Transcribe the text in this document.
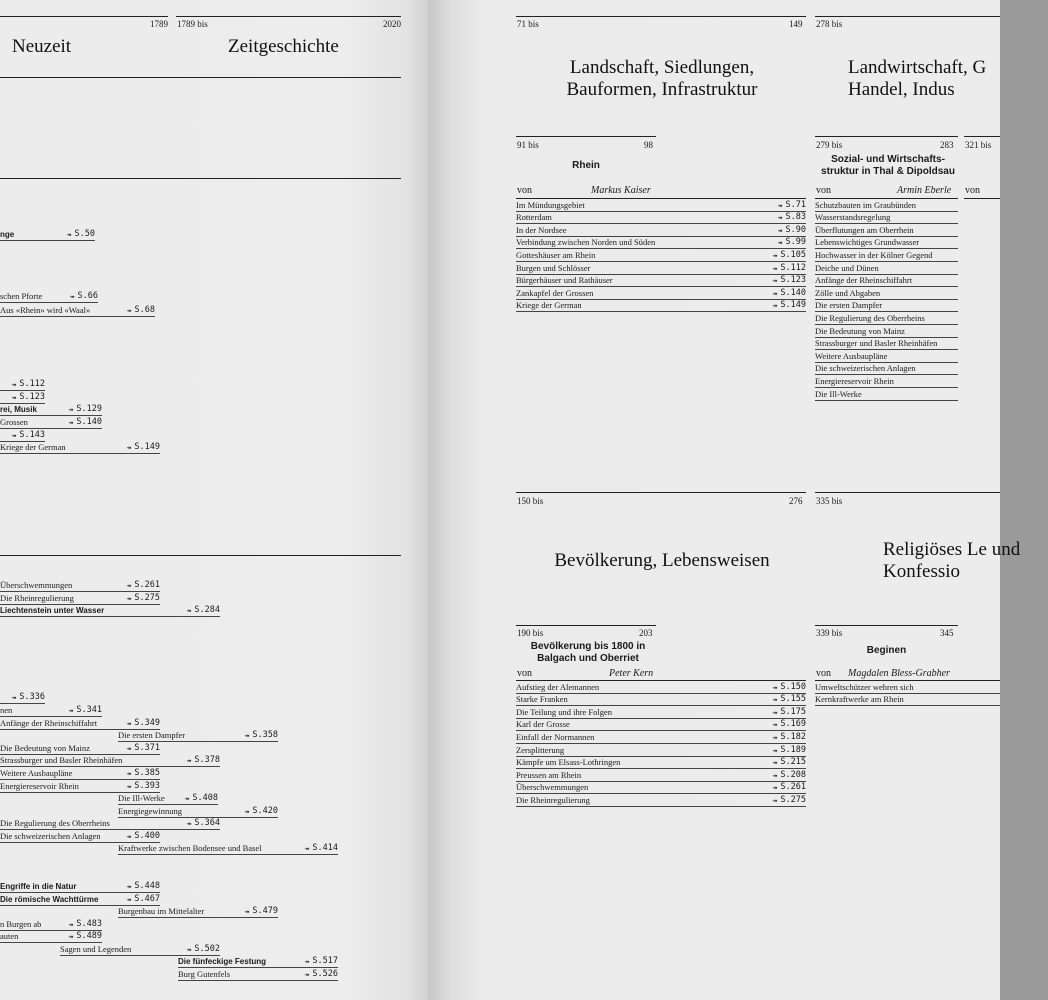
1789 1789 bis	2020
Neuzeit	Zeitgeschichte
nge	↠ S.50
schen Pforte	↠ S.66
Aus «Rhein» wird «Waal»	↠ S.68
↠ S.112
↠ S.123
rei, Musik	↠ S.129
Grossen	↠ S.140
↠ S.143
Kriege der German	↠ S.149
Überschwemmungen	↠ S.261
Die Rheinregulierung	↠ S.275
Liechtenstein unter Wasser	↠ S.284
↠ S.336
nen	↠ S.341
Anfänge der Rheinschiffahrt	↠ S.349
Die ersten Dampfer	↠ S.358
Die Bedeutung von Mainz	↠ S.371
Strassburger und Basler Rheinhäfen	↠ S.378
Weitere Ausbaupläne	↠ S.385
Energiereservoir Rhein	↠ S.393
Die Ill-Werke	↠ S.408
Energiegewinnung	↠ S.420
Die Regulierung des Oberrheins	↠ S.364
Die schweizerischen Anlagen	↠ S.400
Kraftwerke zwischen Bodensee und Basel	↠ S.414
Engriffe in die Natur	↠ S.448
Die römische Wachttürme	↠ S.467
Burgenbau im Mittelalter	↠ S.479
n Burgen ab	↠ S.483
auten	↠ S.489
Sagen und Legenden	↠ S.502
Die fünfeckige Festung	↠ S.517
Burg Gutenfels	↠ S.526
71 bis	149
Landschaft, Siedlungen, Bauformen, Infrastruktur
278 bis
Landwirtschaft, G Handel, Indus
91 bis	98
Rhein
von	Markus Kaiser
Im Mündungsgebiet	↠ S.71
Rotterdam	↠ S.83
In der Nordsee	↠ S.90
Verbindung zwischen Norden und Süden	↠ S.99
Gotteshäuser am Rhein	↠ S.105
Burgen und Schlösser	↠ S.112
Bürgerhäuser und Rathäuser	↠ S.123
Zankapfel der Grossen	↠ S.140
Kriege der German	↠ S.149
279 bis	283
Sozial- und Wirtschafts- struktur in Thal & Dipoldsau
von	Armin Eberle
Schutzbauten im Graubünden
Wasserstandsregelung
Überflutungen am Oberrhein
Lebenswichtiges Grundwasser
Hochwasser in der Kölner Gegend
Deiche und Dünen
Anfänge der Rheinschiffahrt
Zölle und Abgaben
Die ersten Dampfer
Die Regulierung des Oberrheins
Die Bedeutung von Mainz
Strassburger und Basler Rheinhäfen
Weitere Ausbaupläne
Die schweizerischen Anlagen
Energiereservoir Rhein
Die Ill-Werke
321 bis
von
150 bis	276
Bevölkerung, Lebensweisen
335 bis
Religiöses Le und Konfessio
190 bis	203
Bevölkerung bis 1800 in Balgach und Oberriet
von	Peter Kern
Aufstieg der Alemannen	↠ S.150
Starke Franken	↠ S.155
Die Teilung und ihre Folgen	↠ S.175
Karl der Grosse	↠ S.169
Einfall der Normannen	↠ S.182
Zersplitterung	↠ S.189
Kämpfe um Elsass-Lothringen	↠ S.215
Preussen am Rhein	↠ S.208
Überschwemmungen	↠ S.261
Die Rheinregulierung	↠ S.275
339 bis	345
Beginen
von Magdalen Bless-Grabher
Umweltschützer wehren sich
Kernkraftwerke am Rhein
